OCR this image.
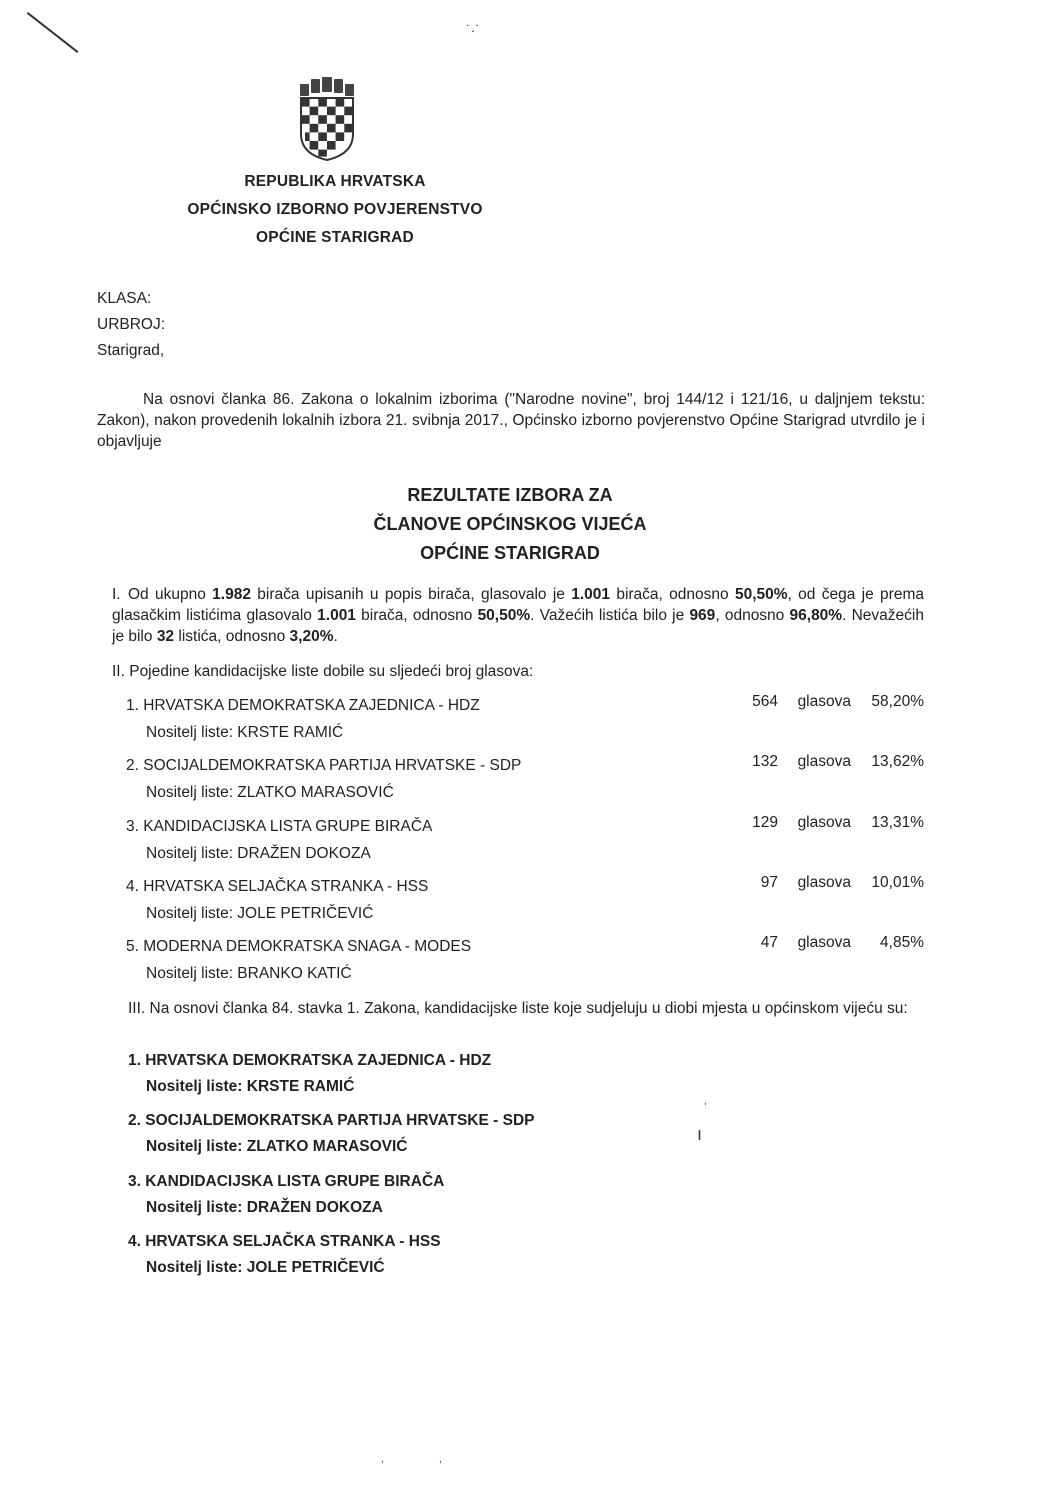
˙·˙
REPUBLIKA HRVATSKA
OPĆINSKO IZBORNO POVJERENSTVO
OPĆINE STARIGRAD
KLASA:
URBROJ:
Starigrad,
Na osnovi članka 86. Zakona o lokalnim izborima ("Narodne novine", broj 144/12 i 121/16, u daljnjem tekstu: Zakon), nakon provedenih lokalnih izbora 21. svibnja 2017., Općinsko izborno povjerenstvo Općine Starigrad utvrdilo je i objavljuje
REZULTATE IZBORA ZA
ČLANOVE OPĆINSKOG VIJEĆA
OPĆINE STARIGRAD
I. Od ukupno 1.982 birača upisanih u popis birača, glasovalo je 1.001 birača, odnosno 50,50%, od čega je prema glasačkim listićima glasovalo 1.001 birača, odnosno 50,50%. Važećih listića bilo je 969, odnosno 96,80%. Nevažećih je bilo 32 listića, odnosno 3,20%.
II. Pojedine kandidacijske liste dobile su sljedeći broj glasova:
1. HRVATSKA DEMOKRATSKA ZAJEDNICA - HDZ
Nositelj liste: KRSTE RAMIĆ
564 glasova 58,20%
2. SOCIJALDEMOKRATSKA PARTIJA HRVATSKE - SDP
Nositelj liste: ZLATKO MARASOVIĆ
132 glasova 13,62%
3. KANDIDACIJSKA LISTA GRUPE BIRAČA
Nositelj liste: DRAŽEN DOKOZA
129 glasova 13,31%
4. HRVATSKA SELJAČKA STRANKA - HSS
Nositelj liste: JOLE PETRIČEVIĆ
97 glasova 10,01%
5. MODERNA DEMOKRATSKA SNAGA - MODES
Nositelj liste: BRANKO KATIĆ
47 glasova 4,85%
III. Na osnovi članka 84. stavka 1. Zakona, kandidacijske liste koje sudjeluju u diobi mjesta u općinskom vijeću su:
1. HRVATSKA DEMOKRATSKA ZAJEDNICA - HDZ
Nositelj liste: KRSTE RAMIĆ
2. SOCIJALDEMOKRATSKA PARTIJA HRVATSKE - SDP
Nositelj liste: ZLATKO MARASOVIĆ
3. KANDIDACIJSKA LISTA GRUPE BIRAČA
Nositelj liste: DRAŽEN DOKOZA
4. HRVATSKA SELJAČKA STRANKA - HSS
Nositelj liste: JOLE PETRIČEVIĆ
ˈ
ı
ˈ	ˈ
